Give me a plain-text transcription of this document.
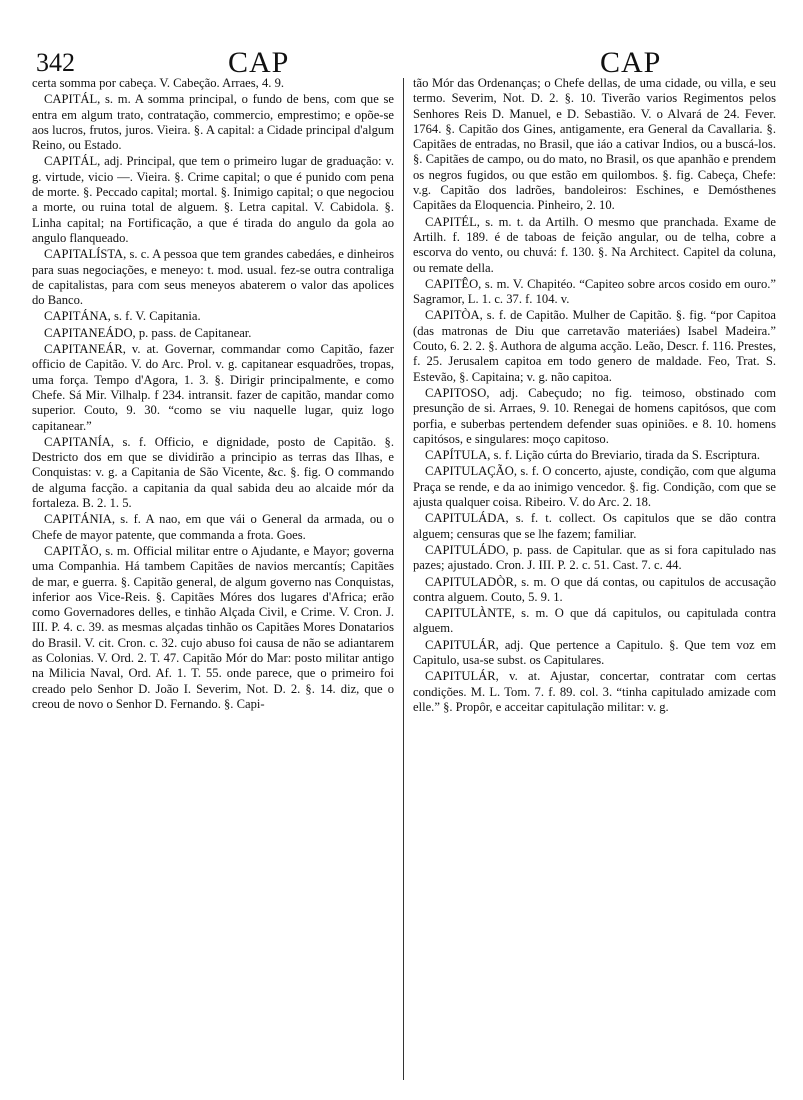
342	CAP	CAP

certa somma por cabeça. V. Cabeção. Arraes, 4. 9.

CAPITÁL, s. m. A somma principal, o fundo de bens, com que se entra em algum trato, contratação, commercio, emprestimo; e opõe-se aos lucros, frutos, juros. Vieira. §. A capital: a Cidade principal d'algum Reino, ou Estado.

CAPITÁL, adj. Principal, que tem o primeiro lugar de graduação: v. g. virtude, vicio —. Vieira. §. Crime capital; o que é punido com pena de morte. §. Peccado capital; mortal. §. Inimigo capital; o que negociou a morte, ou ruina total de alguem. §. Letra capital. V. Cabidola. §. Linha capital; na Fortificação, a que é tirada do angulo da gola ao angulo flanqueado.

CAPITALÍSTA, s. c. A pessoa que tem grandes cabedáes, e dinheiros para suas negociações, e meneyo: t. mod. usual. fez-se outra contraliga de capitalistas, para com seus meneyos abaterem o valor das apolices do Banco.

CAPITÁNA, s. f. V. Capitania.

CAPITANEÁDO, p. pass. de Capitanear.

CAPITANEÁR, v. at. Governar, commandar como Capitão, fazer officio de Capitão. V. do Arc. Prol. v. g. capitanear esquadrões, tropas, uma força. Tempo d'Agora, 1. 3. §. Dirigir principalmente, e como Chefe. Sá Mir. Vilhalp. f 234. intransit. fazer de capitão, mandar como superior. Couto, 9. 30. “como se viu naquelle lugar, quiz logo capitanear.”

CAPITANÍA, s. f. Officio, e dignidade, posto de Capitão. §. Destricto dos em que se dividirão a principio as terras das Ilhas, e Conquistas: v. g. a Capitania de São Vicente, &c. §. fig. O commando de alguma facção. a capitania da qual sabida deu ao alcaide mór da fortaleza. B. 2. 1. 5.

CAPITÁNIA, s. f. A nao, em que vái o General da armada, ou o Chefe de mayor patente, que commanda a frota. Goes.

CAPITÃO, s. m. Official militar entre o Ajudante, e Mayor; governa uma Companhia. Há tambem Capitães de navios mercantís; Capitães de mar, e guerra. §. Capitão general, de algum governo nas Conquistas, inferior aos Vice-Reis. §. Capitães Móres dos lugares d'Africa; erão como Governadores delles, e tinhão Alçada Civil, e Crime. V. Cron. J. III. P. 4. c. 39. as mesmas alçadas tinhão os Capitães Mores Donatarios do Brasil. V. cit. Cron. c. 32. cujo abuso foi causa de não se adiantarem as Colonias. V. Ord. 2. T. 47. Capitão Mór do Mar: posto militar antigo na Milicia Naval, Ord. Af. 1. T. 55. onde parece, que o primeiro foi creado pelo Senhor D. João I. Severim, Not. D. 2. §. 14. diz, que o creou de novo o Senhor D. Fernando. §. Capi-

tão Mór das Ordenanças; o Chefe dellas, de uma cidade, ou villa, e seu termo. Severim, Not. D. 2. §. 10. Tiverão varios Regimentos pelos Senhores Reis D. Manuel, e D. Sebastião. V. o Alvará de 24. Fever. 1764. §. Capitão dos Gines, antigamente, era General da Cavallaria. §. Capitães de entradas, no Brasil, que iáo a cativar Indios, ou a buscá-los. §. Capitães de campo, ou do mato, no Brasil, os que apanhão e prendem os negros fugidos, ou que estão em quilombos. §. fig. Cabeça, Chefe: v.g. Capitão dos ladrões, bandoleiros: Eschines, e Demósthenes Capitães da Eloquencia. Pinheiro, 2. 10.

CAPITÉL, s. m. t. da Artilh. O mesmo que pranchada. Exame de Artilh. f. 189. é de taboas de feição angular, ou de telha, cobre a escorva do vento, ou chuvá: f. 130. §. Na Architect. Capitel da coluna, ou remate della.

CAPITÊO, s. m. V. Chapitéo. “Capiteo sobre arcos cosido em ouro.” Sagramor, L. 1. c. 37. f. 104. v.

CAPITÒA, s. f. de Capitão. Mulher de Capitão. §. fig. “por Capitoa (das matronas de Diu que carretavão materiáes) Isabel Madeira.” Couto, 6. 2. 2. §. Authora de alguma acção. Leão, Descr. f. 116. Prestes, f. 25. Jerusalem capitoa em todo genero de maldade. Feo, Trat. S. Estevão, §. Capitaina; v. g. não capitoa.

CAPITOSO, adj. Cabeçudo; no fig. teimoso, obstinado com presunção de si. Arraes, 9. 10. Renegai de homens capitósos, que com porfia, e suberbas pertendem defender suas opiniões. e 8. 10. homens capitósos, e singulares: moço capitoso.

CAPÍTULA, s. f. Lição cúrta do Breviario, tirada da S. Escriptura.

CAPITULAÇÃO, s. f. O concerto, ajuste, condição, com que alguma Praça se rende, e da ao inimigo vencedor. §. fig. Condição, com que se ajusta qualquer coisa. Ribeiro. V. do Arc. 2. 18.

CAPITULÁDA, s. f. t. collect. Os capitulos que se dão contra alguem; censuras que se lhe fazem; familiar.

CAPITULÁDO, p. pass. de Capitular. que as si fora capitulado nas pazes; ajustado. Cron. J. III. P. 2. c. 51. Cast. 7. c. 44.

CAPITULADÒR, s. m. O que dá contas, ou capitulos de accusação contra alguem. Couto, 5. 9. 1.

CAPITULÀNTE, s. m. O que dá capitulos, ou capitulada contra alguem.

CAPITULÁR, adj. Que pertence a Capitulo. §. Que tem voz em Capitulo, usa-se subst. os Capitulares.

CAPITULÁR, v. at. Ajustar, concertar, contratar com certas condições. M. L. Tom. 7. f. 89. col. 3. “tinha capitulado amizade com elle.” §. Propôr, e acceitar capitulação militar: v. g.
